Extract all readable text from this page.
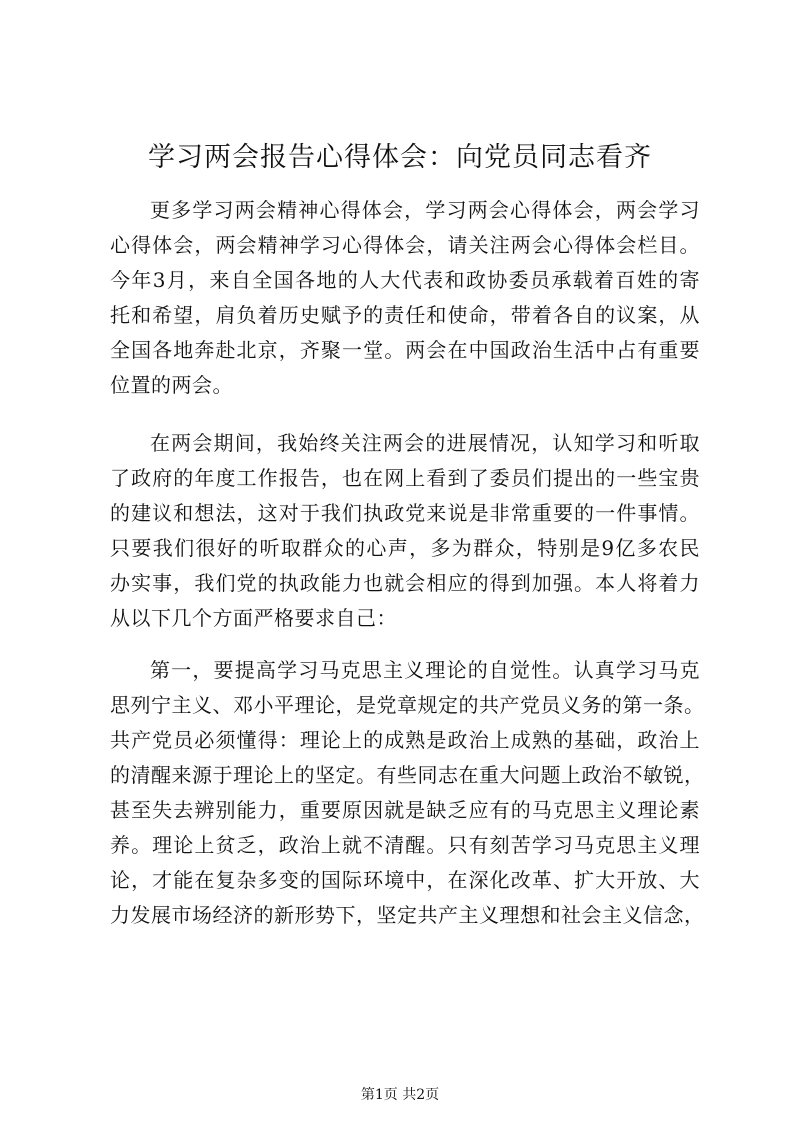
学习两会报告心得体会：向党员同志看齐
更多学习两会精神心得体会，学习两会心得体会，两会学习
心得体会，两会精神学习心得体会，请关注两会心得体会栏目。
今年3月，来自全国各地的人大代表和政协委员承载着百姓的寄
托和希望，肩负着历史赋予的责任和使命，带着各自的议案，从
全国各地奔赴北京，齐聚一堂。两会在中国政治生活中占有重要
位置的两会。
在两会期间，我始终关注两会的进展情况，认知学习和听取
了政府的年度工作报告，也在网上看到了委员们提出的一些宝贵
的建议和想法，这对于我们执政党来说是非常重要的一件事情。
只要我们很好的听取群众的心声，多为群众，特别是9亿多农民
办实事，我们党的执政能力也就会相应的得到加强。本人将着力
从以下几个方面严格要求自己：
第一，要提高学习马克思主义理论的自觉性。认真学习马克
思列宁主义、邓小平理论，是党章规定的共产党员义务的第一条。
共产党员必须懂得：理论上的成熟是政治上成熟的基础，政治上
的清醒来源于理论上的坚定。有些同志在重大问题上政治不敏锐，
甚至失去辨别能力，重要原因就是缺乏应有的马克思主义理论素
养。理论上贫乏，政治上就不清醒。只有刻苦学习马克思主义理
论，才能在复杂多变的国际环境中，在深化改革、扩大开放、大
力发展市场经济的新形势下，坚定共产主义理想和社会主义信念，
第1页 共2页
